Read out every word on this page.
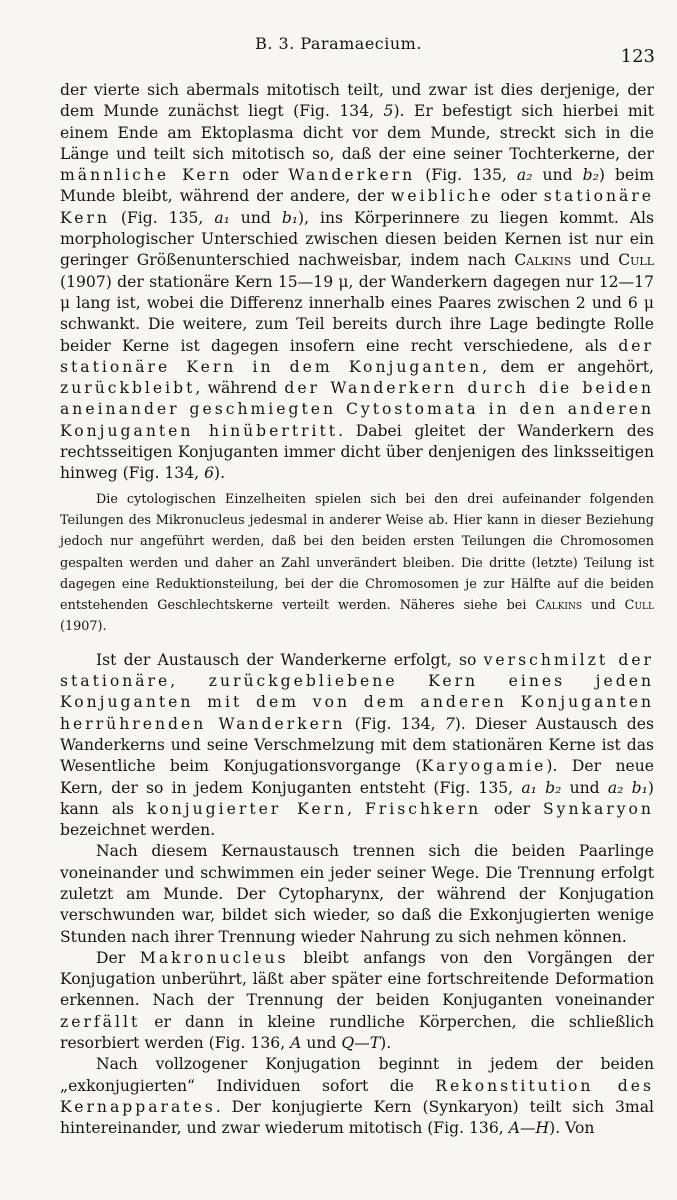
B. 3. Paramaecium.
123

der vierte sich abermals mitotisch teilt, und zwar ist dies derjenige, der dem Munde zunächst liegt (Fig. 134, 5). Er befestigt sich hierbei mit einem Ende am Ektoplasma dicht vor dem Munde, streckt sich in die Länge und teilt sich mitotisch so, daß der eine seiner Tochterkerne, der männliche Kern oder Wanderkern (Fig. 135, a₂ und b₂) beim Munde bleibt, während der andere, der weibliche oder stationäre Kern (Fig. 135, a₁ und b₁), ins Körperinnere zu liegen kommt. Als morphologischer Unterschied zwischen diesen beiden Kernen ist nur ein geringer Größenunterschied nachweisbar, indem nach Calkins und Cull (1907) der stationäre Kern 15—19 μ, der Wanderkern dagegen nur 12—17 μ lang ist, wobei die Differenz innerhalb eines Paares zwischen 2 und 6 μ schwankt. Die weitere, zum Teil bereits durch ihre Lage bedingte Rolle beider Kerne ist dagegen insofern eine recht verschiedene, als der stationäre Kern in dem Konjuganten, dem er angehört, zurückbleibt, während der Wanderkern durch die beiden aneinander geschmiegten Cytostomata in den anderen Konjuganten hinübertritt. Dabei gleitet der Wanderkern des rechtsseitigen Konjuganten immer dicht über denjenigen des linksseitigen hinweg (Fig. 134, 6).

Die cytologischen Einzelheiten spielen sich bei den drei aufeinander folgenden Teilungen des Mikronucleus jedesmal in anderer Weise ab. Hier kann in dieser Beziehung jedoch nur angeführt werden, daß bei den beiden ersten Teilungen die Chromosomen gespalten werden und daher an Zahl unverändert bleiben. Die dritte (letzte) Teilung ist dagegen eine Reduktionsteilung, bei der die Chromosomen je zur Hälfte auf die beiden entstehenden Geschlechtskerne verteilt werden. Näheres siehe bei Calkins und Cull (1907).

Ist der Austausch der Wanderkerne erfolgt, so verschmilzt der stationäre, zurückgebliebene Kern eines jeden Konjuganten mit dem von dem anderen Konjuganten herrührenden Wanderkern (Fig. 134, 7). Dieser Austausch des Wanderkerns und seine Verschmelzung mit dem stationären Kerne ist das Wesentliche beim Konjugationsvorgange (Karyogamie). Der neue Kern, der so in jedem Konjuganten entsteht (Fig. 135, a₁ b₂ und a₂ b₁) kann als konjugierter Kern, Frischkern oder Synkaryon bezeichnet werden.

Nach diesem Kernaustausch trennen sich die beiden Paarlinge voneinander und schwimmen ein jeder seiner Wege. Die Trennung erfolgt zuletzt am Munde. Der Cytopharynx, der während der Konjugation verschwunden war, bildet sich wieder, so daß die Exkonjugierten wenige Stunden nach ihrer Trennung wieder Nahrung zu sich nehmen können.

Der Makronucleus bleibt anfangs von den Vorgängen der Konjugation unberührt, läßt aber später eine fortschreitende Deformation erkennen. Nach der Trennung der beiden Konjuganten voneinander zerfällt er dann in kleine rundliche Körperchen, die schließlich resorbiert werden (Fig. 136, A und Q—T).

Nach vollzogener Konjugation beginnt in jedem der beiden „exkonjugierten“ Individuen sofort die Rekonstitution des Kernapparates. Der konjugierte Kern (Synkaryon) teilt sich 3mal hintereinander, und zwar wiederum mitotisch (Fig. 136, A—H). Von
